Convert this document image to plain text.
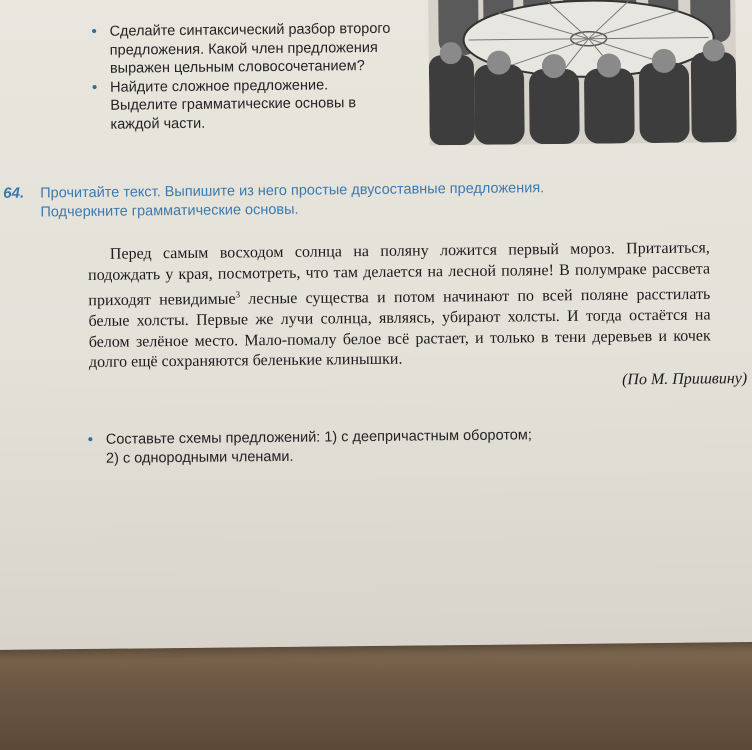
• Сделайте синтаксический разбор второго предложения. Какой член предложения выражен цельным словосочетанием?
• Найдите сложное предложение. Выделите грамматические основы в каждой части.
64. Прочитайте текст. Выпишите из него простые двусоставные предложения.
Подчеркните грамматические основы.
Перед самым восходом солнца на поляну ложится первый мороз. Притаиться, подождать у края, посмотреть, что там делается на лесной поляне! В полумраке рассвета приходят невидимые$^3$ лесные существа и потом начинают по всей поляне расстилать белые холсты. Первые же лучи солнца, являясь, убирают холсты. И тогда остаётся на белом зелёное место. Мало-помалу белое всё растает, и только в тени деревьев и кочек долго ещё сохраняются беленькие клинышки.
(По М. Пришвину)
• Составьте схемы предложений: 1) с деепричастным оборотом;
2) с однородными членами.
